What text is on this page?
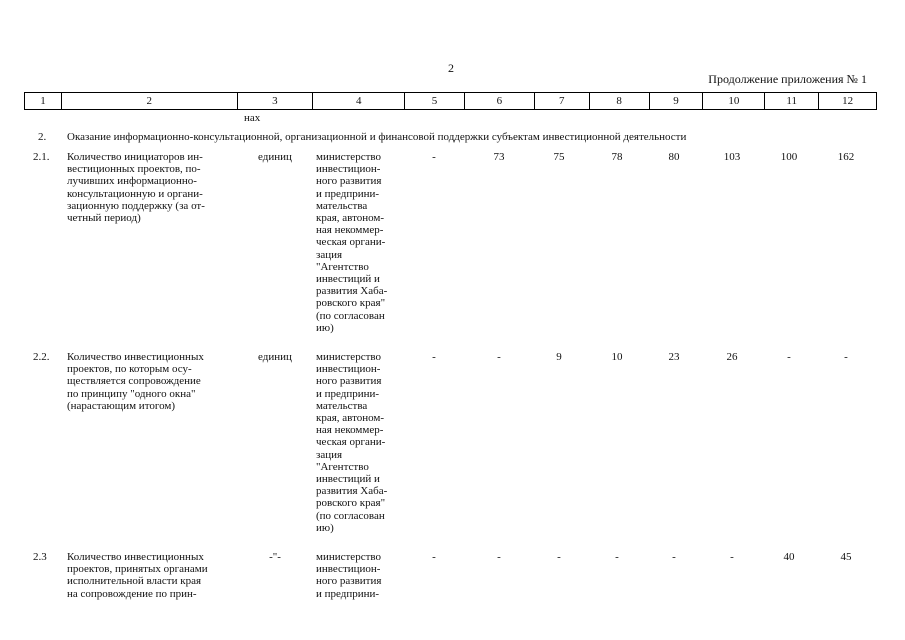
2
Продолжение приложения № 1
1	2	3	4	5	6	7	8	9	10	11	12
нах
2. Оказание информационно-консультационной, организационной и финансовой поддержки субъектам инвестиционной деятельности
2.1. Количество инициаторов ин-
вестиционных проектов, по-
лучивших информационно-
консультационную и органи-
зационную поддержку (за от-
четный период)
единиц	министерство
инвестицион-
ного развития
и предприни-
мательства
края, автоном-
ная некоммер-
ческая органи-
зация
"Агентство
инвестиций и
развития Хаба-
ровского края"
(по согласован
ию)
-	73	75	78	80	103	100	162
2.2. Количество инвестиционных
проектов, по которым осу-
ществляется сопровождение
по принципу "одного окна"
(нарастающим итогом)
единиц	министерство
инвестицион-
ного развития
и предприни-
мательства
края, автоном-
ная некоммер-
ческая органи-
зация
"Агентство
инвестиций и
развития Хаба-
ровского края"
(по согласован
ию)
-	-	9	10	23	26	-	-
2.3 Количество инвестиционных
проектов, принятых органами
исполнительной власти края
на сопровождение по прин-
-"-	министерство
инвестицион-
ного развития
и предприни-
-	-	-	-	-	-	40	45
